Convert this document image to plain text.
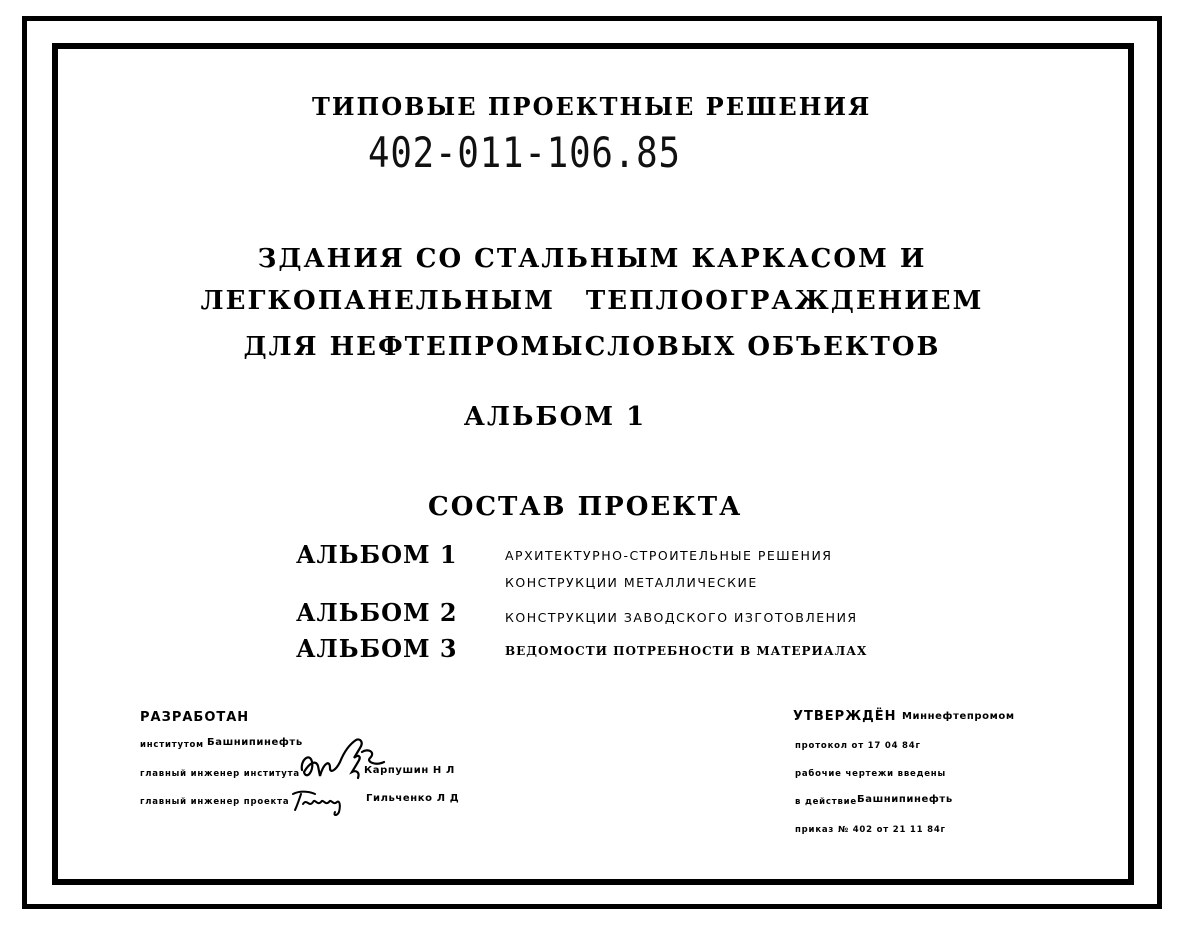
ТИПОВЫЕ ПРОЕКТНЫЕ РЕШЕНИЯ
402-011-106.85
ЗДАНИЯ СО СТАЛЬНЫМ КАРКАСОМ И
ЛЕГКОПАНЕЛЬНЫМ ТЕПЛООГРАЖДЕНИЕМ
ДЛЯ НЕФТЕПРОМЫСЛОВЫХ ОБЪЕКТОВ
АЛЬБОМ 1
СОСТАВ ПРОЕКТА
АЛЬБОМ 1	АРХИТЕКТУРНО-СТРОИТЕЛЬНЫЕ РЕШЕНИЯ
КОНСТРУКЦИИ МЕТАЛЛИЧЕСКИЕ
АЛЬБОМ 2	КОНСТРУКЦИИ ЗАВОДСКОГО ИЗГОТОВЛЕНИЯ
АЛЬБОМ 3	ВЕДОМОСТИ ПОТРЕБНОСТИ В МАТЕРИАЛАХ
РАЗРАБОТАН
институтом Башнипинефть
главный инженер института	Карпушин Н Л
главный инженер проекта	Гильченко Л Д
УТВЕРЖДЁН Миннефтепромом
протокол от 17 04 84г
рабочие чертежи введены
в действие Башнипинефть
приказ № 402 от 21 11 84г
